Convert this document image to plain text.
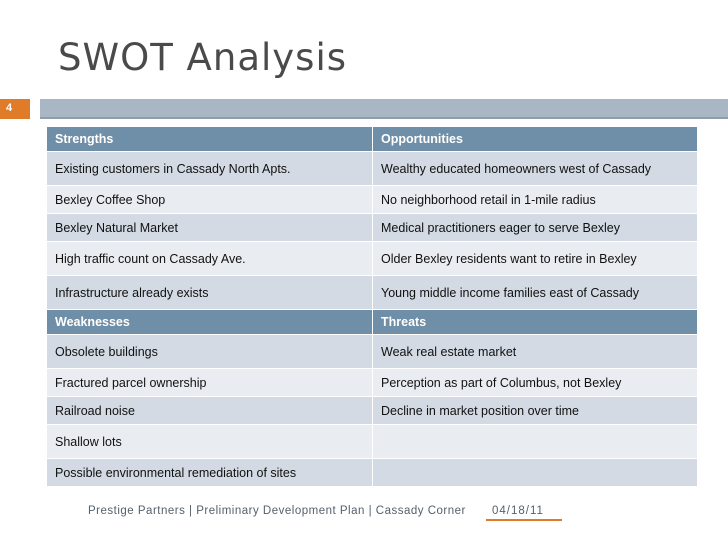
SWOT Analysis
4
Strengths	Opportunities
Existing customers in Cassady North Apts.	Wealthy educated homeowners west of Cassady
Bexley Coffee Shop	No neighborhood retail in 1-mile radius
Bexley Natural Market	Medical practitioners eager to serve Bexley
High traffic count on Cassady Ave.	Older Bexley residents want to retire in Bexley
Infrastructure already exists	Young middle income families east of Cassady
Weaknesses	Threats
Obsolete buildings	Weak real estate market
Fractured parcel ownership	Perception as part of Columbus, not Bexley
Railroad noise	Decline in market position over time
Shallow lots	
Possible environmental remediation of sites	
Prestige Partners | Preliminary Development Plan | Cassady Corner 04/18/11
